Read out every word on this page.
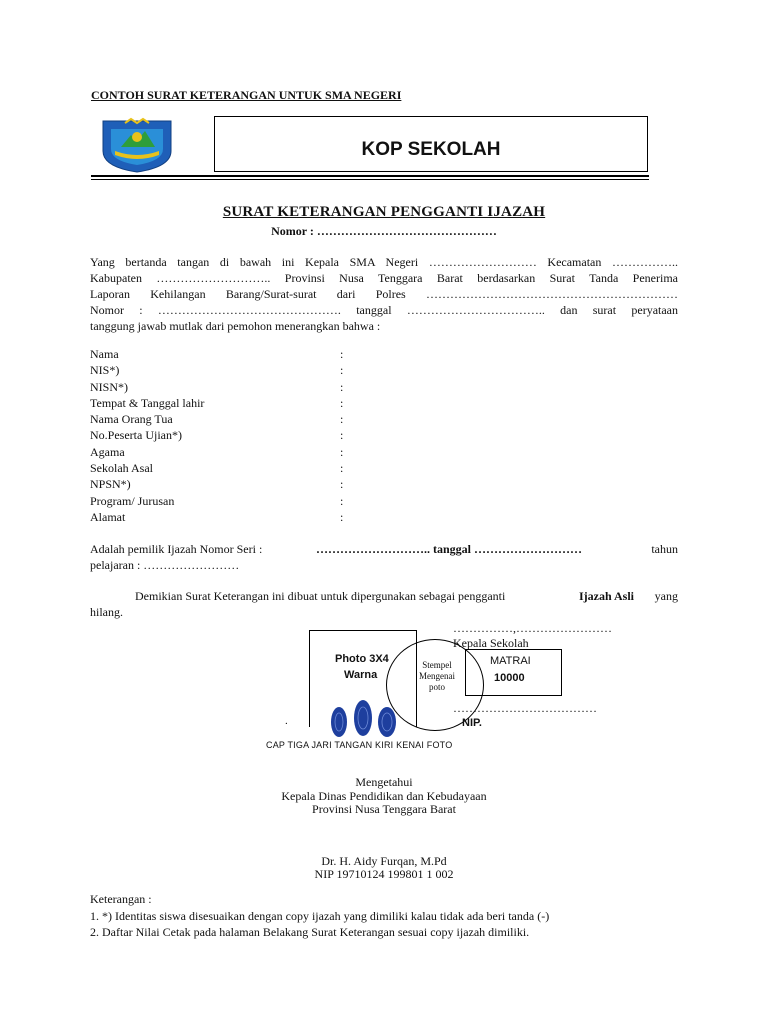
CONTOH SURAT KETERANGAN UNTUK SMA NEGERI
KOP SEKOLAH
SURAT KETERANGAN PENGGANTI IJAZAH
Nomor : ………………………………………
Yang bertanda tangan di bawah ini Kepala SMA Negeri ……………………… Kecamatan ……………..
Kabupaten ……………………….. Provinsi Nusa Tenggara Barat berdasarkan Surat Tanda Penerima
Laporan Kehilangan Barang/Surat-surat dari Polres ………………………………………………………
Nomor : ………………………………………. tanggal …………………………….. dan surat peryataan
tanggung jawab mutlak dari pemohon menerangkan bahwa :
Nama	:
NIS*)	:
NISN*)	:
Tempat & Tanggal lahir	:
Nama Orang Tua	:
No.Peserta Ujian*)	:
Agama	:
Sekolah Asal	:
NPSN*)	:
Program/ Jurusan	:
Alamat	:
Adalah pemilik Ijazah Nomor Seri :	……………………….. tanggal ………………………	tahun
pelajaran : ……………………
Demikian Surat Keterangan ini dibuat untuk dipergunakan sebagai pengganti	Ijazah Asli yang
hilang.
……………,……………………
Kepala Sekolah
Photo 3X4
Warna
.
Stempel
Mengenai
poto
MATRAI
10000
………………………………
NIP.
CAP TIGA JARI TANGAN KIRI KENAI FOTO
Mengetahui
Kepala Dinas Pendidikan dan Kebudayaan
Provinsi Nusa Tenggara Barat
Dr. H. Aidy Furqan, M.Pd
NIP 19710124 199801 1 002
Keterangan :
1. *) Identitas siswa disesuaikan dengan copy ijazah yang dimiliki kalau tidak ada beri tanda (-)
2. Daftar Nilai Cetak pada halaman Belakang Surat Keterangan sesuai copy ijazah dimiliki.
